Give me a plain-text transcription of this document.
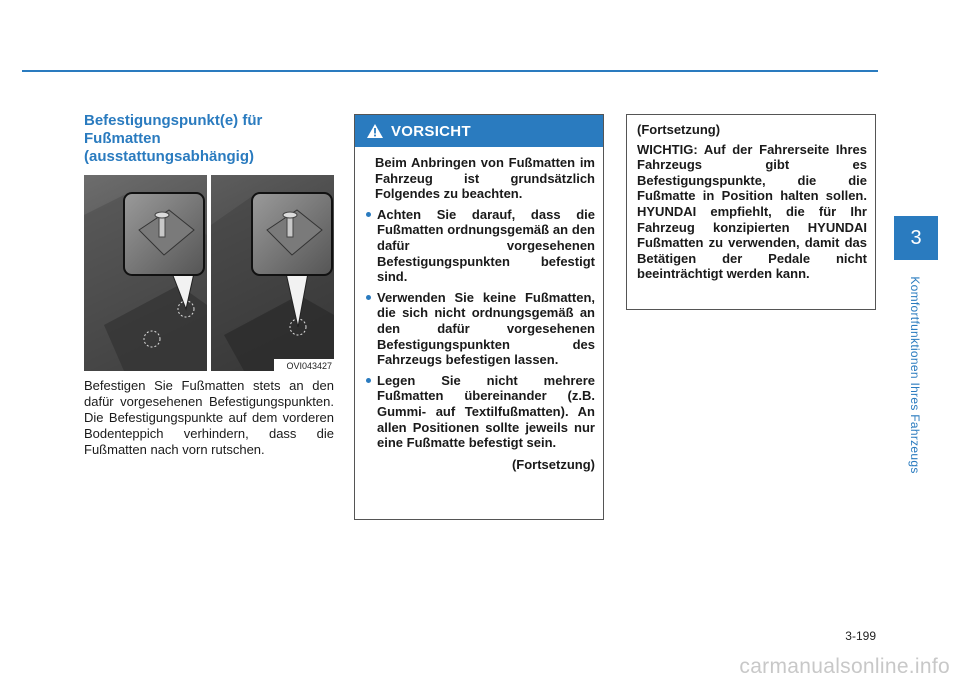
3
Komfortfunktionen Ihres Fahrzeugs
Befestigungspunkt(e) für Fußmatten (ausstattungsabhängig)
OVI043427

Befestigen Sie Fußmatten stets an den dafür vorgesehenen Befestigungspunkten. Die Befestigungspunkte auf dem vorderen Bodenteppich verhindern, dass die Fußmatten nach vorn rutschen.

VORSICHT

Beim Anbringen von Fußmatten im Fahrzeug ist grundsätzlich Folgendes zu beachten.

Achten Sie darauf, dass die Fußmatten ordnungsgemäß an den dafür vorgesehenen Befestigungspunkten befestigt sind.
Verwenden Sie keine Fußmatten, die sich nicht ordnungsgemäß an den dafür vorgesehenen Befestigungspunkten des Fahrzeugs befestigen lassen.
Legen Sie nicht mehrere Fußmatten übereinander (z.B. Gummi- auf Textilfußmatten). An allen Positionen sollte jeweils nur eine Fußmatte befestigt sein.

(Fortsetzung)

(Fortsetzung)

WICHTIG: Auf der Fahrerseite Ihres Fahrzeugs gibt es Befestigungspunkte, die die Fußmatte in Position halten sollen. HYUNDAI empfiehlt, die für Ihr Fahrzeug konzipierten HYUNDAI Fußmatten zu verwenden, damit das Betätigen der Pedale nicht beeinträchtigt werden kann.

3-199
carmanualsonline.info
